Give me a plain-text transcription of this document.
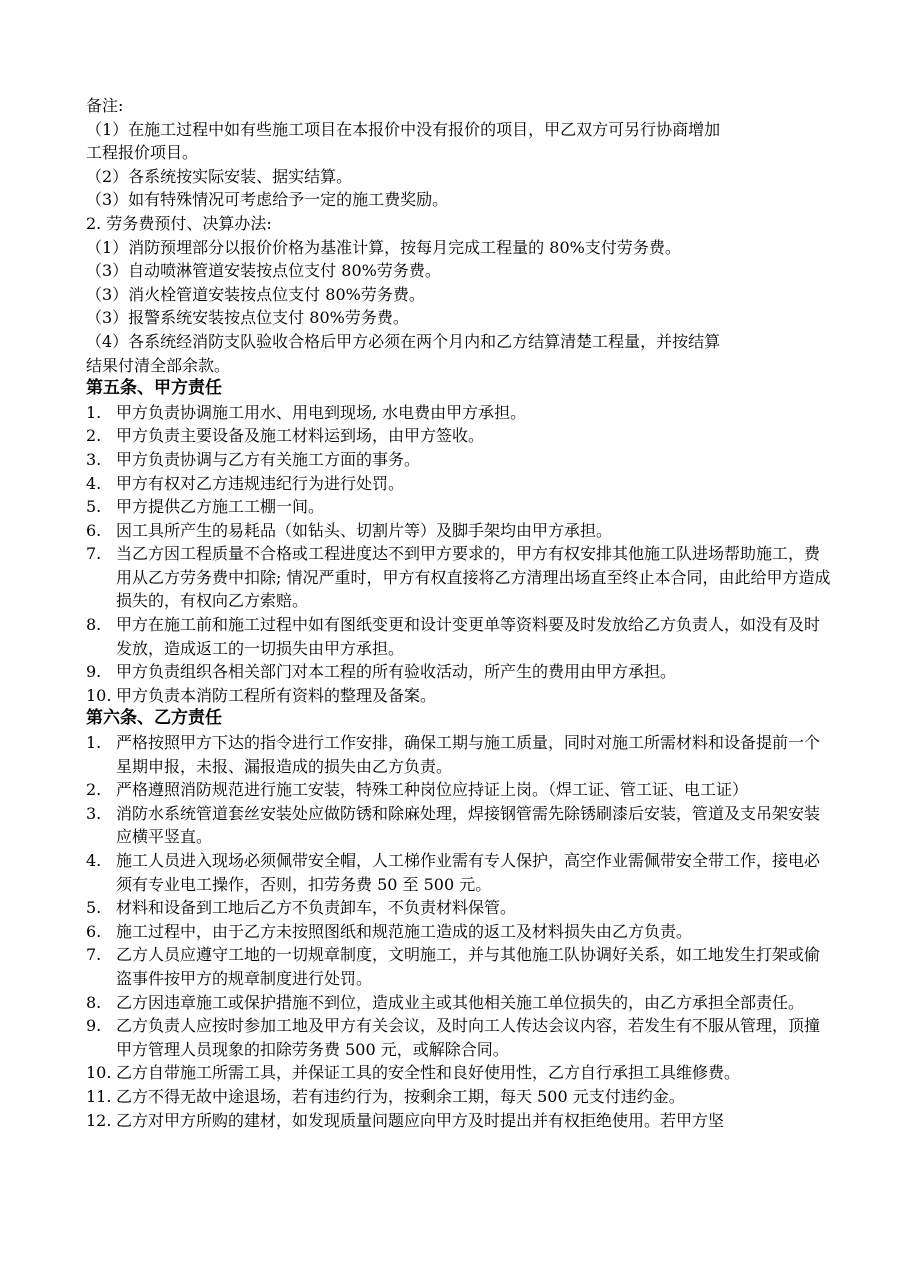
备注:

（1）在施工过程中如有些施工项目在本报价中没有报价的项目，甲乙双方可另行协商增加

工程报价项目。

（2）各系统按实际安装、据实结算。

（3）如有特殊情况可考虑给予一定的施工费奖励。

2. 劳务费预付、决算办法:

（1）消防预埋部分以报价价格为基准计算，按每月完成工程量的 80%支付劳务费。

（3）自动喷淋管道安装按点位支付 80%劳务费。

（3）消火栓管道安装按点位支付 80%劳务费。

（3）报警系统安装按点位支付 80%劳务费。

（4）各系统经消防支队验收合格后甲方必须在两个月内和乙方结算清楚工程量，并按结算

结果付清全部余款。

第五条、甲方责任

1. 甲方负责协调施工用水、用电到现场, 水电费由甲方承担。

2. 甲方负责主要设备及施工材料运到场，由甲方签收。

3. 甲方负责协调与乙方有关施工方面的事务。

4. 甲方有权对乙方违规违纪行为进行处罚。

5. 甲方提供乙方施工工棚一间。

6. 因工具所产生的易耗品（如钻头、切割片等）及脚手架均由甲方承担。

7. 当乙方因工程质量不合格或工程进度达不到甲方要求的，甲方有权安排其他施工队进场帮助施工，费用从乙方劳务费中扣除; 情况严重时，甲方有权直接将乙方清理出场直至终止本合同，由此给甲方造成损失的，有权向乙方索赔。

8. 甲方在施工前和施工过程中如有图纸变更和设计变更单等资料要及时发放给乙方负责人，如没有及时发放，造成返工的一切损失由甲方承担。

9. 甲方负责组织各相关部门对本工程的所有验收活动，所产生的费用由甲方承担。

10. 甲方负责本消防工程所有资料的整理及备案。

第六条、乙方责任

1. 严格按照甲方下达的指令进行工作安排，确保工期与施工质量，同时对施工所需材料和设备提前一个星期申报，未报、漏报造成的损失由乙方负责。

2. 严格遵照消防规范进行施工安装，特殊工种岗位应持证上岗。（焊工证、管工证、电工证）

3. 消防水系统管道套丝安装处应做防锈和除麻处理，焊接钢管需先除锈刷漆后安装，管道及支吊架安装应横平竖直。

4. 施工人员进入现场必须佩带安全帽，人工梯作业需有专人保护，高空作业需佩带安全带工作，接电必须有专业电工操作，否则，扣劳务费 50 至 500 元。

5. 材料和设备到工地后乙方不负责卸车，不负责材料保管。

6. 施工过程中，由于乙方未按照图纸和规范施工造成的返工及材料损失由乙方负责。

7. 乙方人员应遵守工地的一切规章制度，文明施工，并与其他施工队协调好关系，如工地发生打架或偷盗事件按甲方的规章制度进行处罚。

8. 乙方因违章施工或保护措施不到位，造成业主或其他相关施工单位损失的，由乙方承担全部责任。

9. 乙方负责人应按时参加工地及甲方有关会议，及时向工人传达会议内容，若发生有不服从管理，顶撞甲方管理人员现象的扣除劳务费 500 元，或解除合同。

10. 乙方自带施工所需工具，并保证工具的安全性和良好使用性，乙方自行承担工具维修费。

11. 乙方不得无故中途退场，若有违约行为，按剩余工期，每天 500 元支付违约金。

12. 乙方对甲方所购的建材，如发现质量问题应向甲方及时提出并有权拒绝使用。若甲方坚
